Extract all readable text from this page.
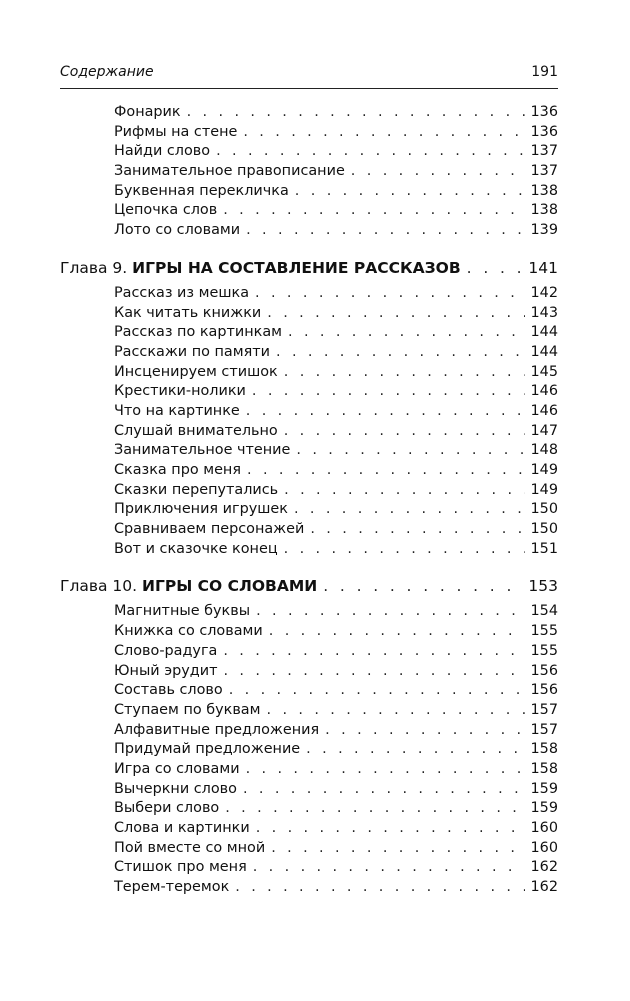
Содержание	191
Фонарик . . .	136
Рифмы на стене . . .	136
Найди слово . . .	137
Занимательное правописание . . .	137
Буквенная перекличка . . .	138
Цепочка слов . . .	138
Лото со словами . . .	139
Глава 9.
ИГРЫ НА СОСТАВЛЕНИЕ РАССКАЗОВ . . .	141
Рассказ из мешка . . .	142
Как читать книжки . . .	143
Рассказ по картинкам . . .	144
Расскажи по памяти . . .	144
Инсценируем стишок . . .	145
Крестики-нолики . . .	146
Что на картинке . . .	146
Слушай внимательно . . .	147
Занимательное чтение . . .	148
Сказка про меня . . .	149
Сказки перепутались . . .	149
Приключения игрушек . . .	150
Сравниваем персонажей . . .	150
Вот и сказочке конец . . .	151
Глава 10.
ИГРЫ СО СЛОВАМИ . . .	153
Магнитные буквы . . .	154
Книжка со словами . . .	155
Слово-радуга . . .	155
Юный эрудит . . .	156
Составь слово . . .	156
Ступаем по буквам . . .	157
Алфавитные предложения . . .	157
Придумай предложение . . .	158
Игра со словами . . .	158
Вычеркни слово . . .	159
Выбери слово . . .	159
Слова и картинки . . .	160
Пой вместе со мной . . .	160
Стишок про меня . . .	162
Терем-теремок . . .	162
